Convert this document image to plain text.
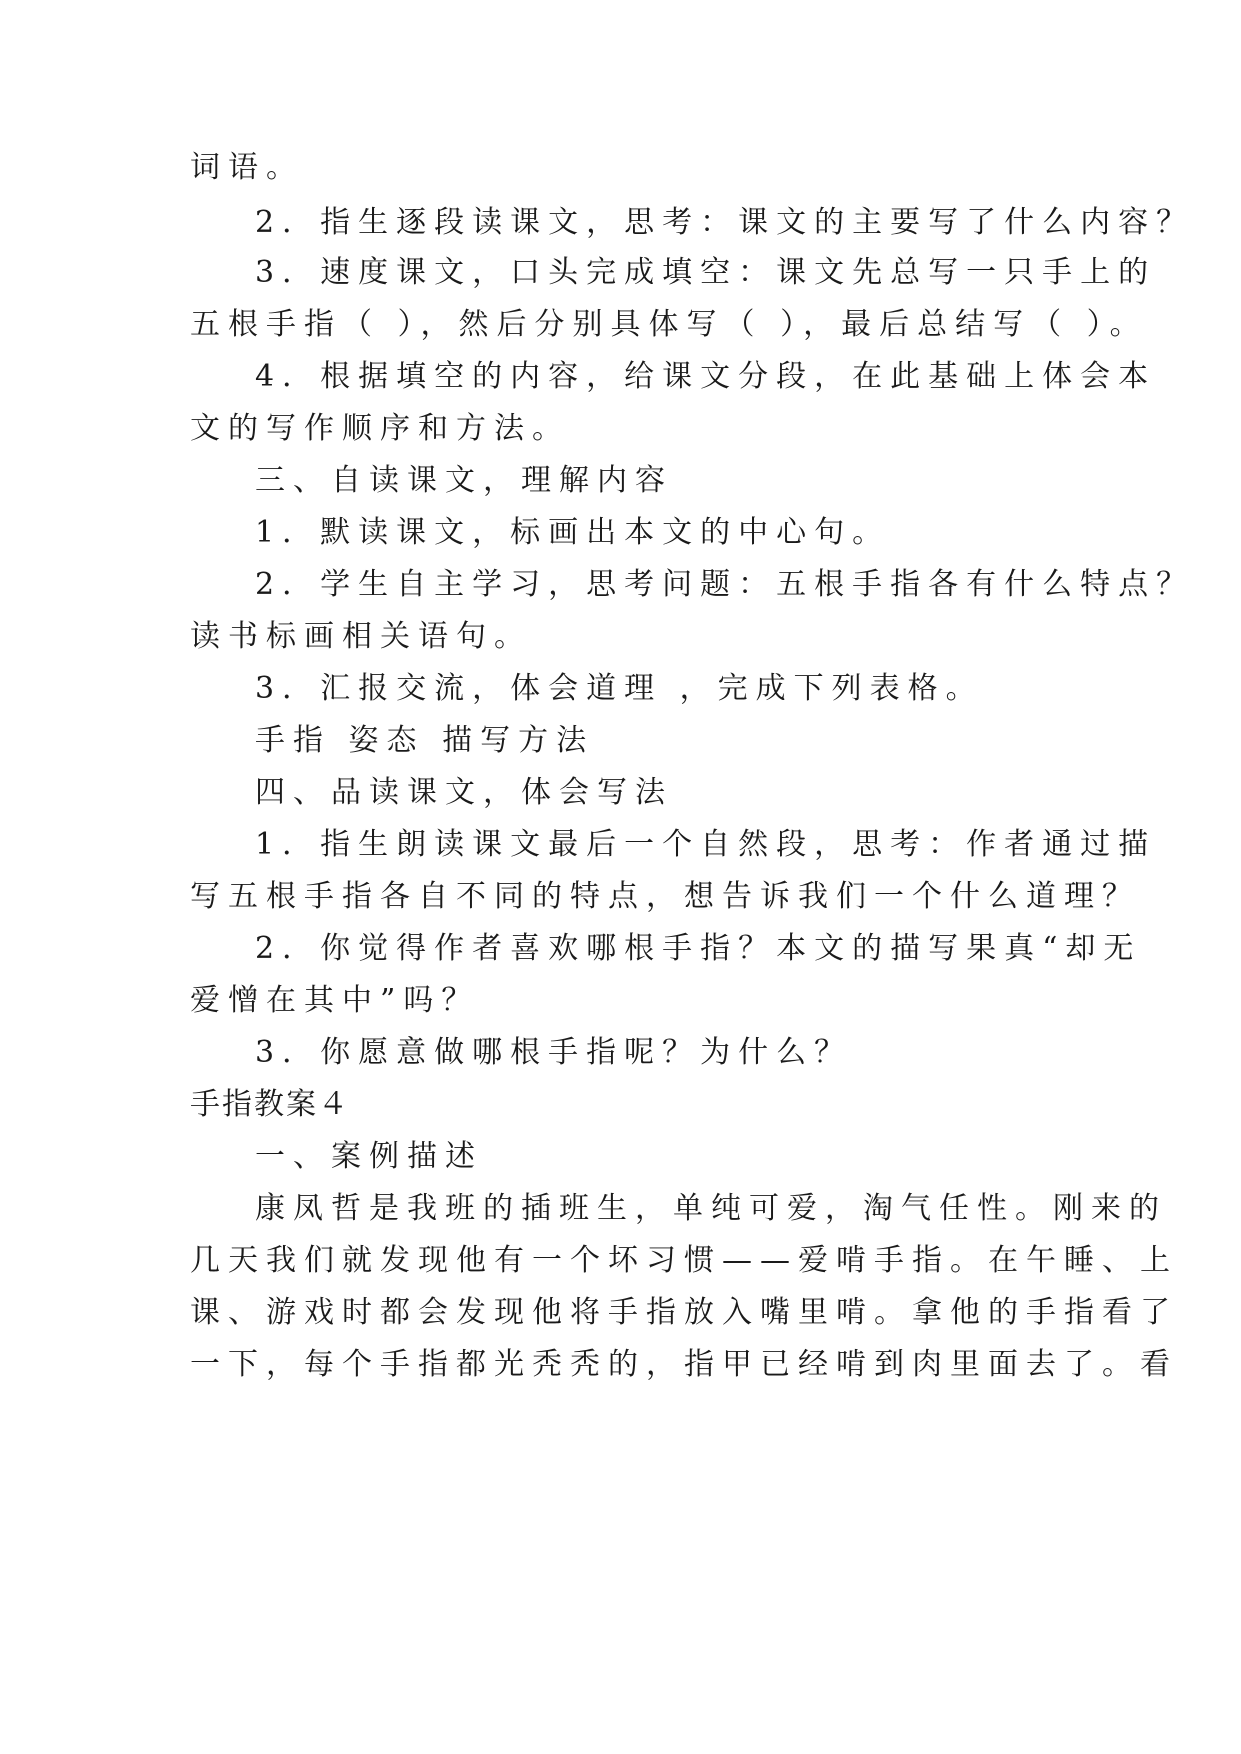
词语。
2．指生逐段读课文，思考：课文的主要写了什么内容？
3．速度课文，口头完成填空：课文先总写一只手上的
五根手指（ ），然后分别具体写（ ），最后总结写（ ）。
4．根据填空的内容，给课文分段，在此基础上体会本
文的写作顺序和方法。
三、自读课文，理解内容
1．默读课文，标画出本文的中心句。
2．学生自主学习，思考问题：五根手指各有什么特点？
读书标画相关语句。
3．汇报交流，体会道理 ，完成下列表格。
手指 姿态 描写方法
四、品读课文，体会写法
1．指生朗读课文最后一个自然段，思考：作者通过描
写五根手指各自不同的特点，想告诉我们一个什么道理？
2．你觉得作者喜欢哪根手指？本文的描写果真“却无
爱憎在其中”吗？
3．你愿意做哪根手指呢？为什么？
手指教案４
一、案例描述
康凤哲是我班的插班生，单纯可爱，淘气任性。刚来的
几天我们就发现他有一个坏习惯——爱啃手指。在午睡、上
课、游戏时都会发现他将手指放入嘴里啃。拿他的手指看了
一下，每个手指都光秃秃的，指甲已经啃到肉里面去了。看
